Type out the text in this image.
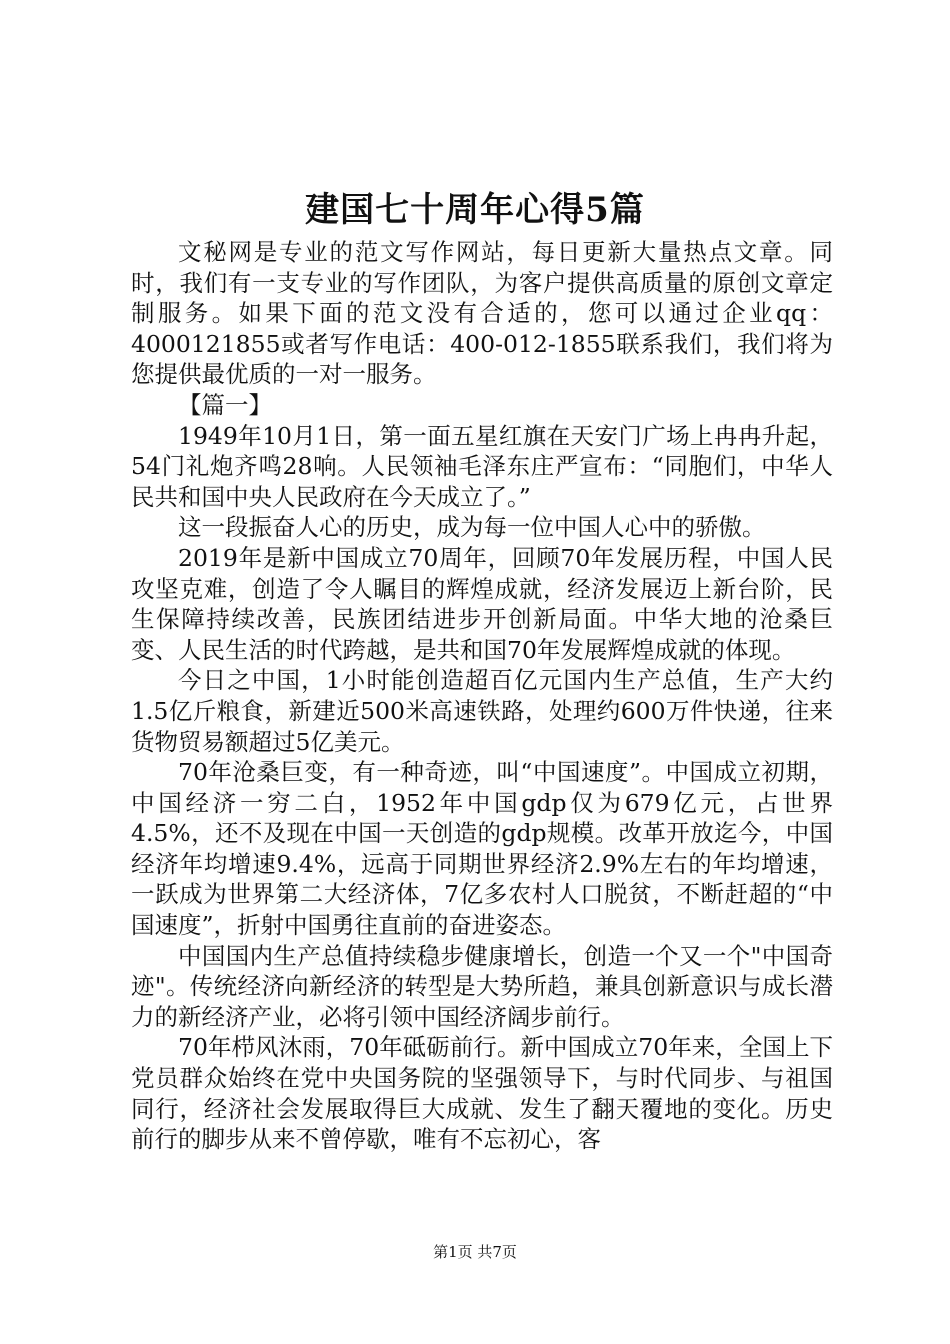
建国七十周年心得5篇

文秘网是专业的范文写作网站，每日更新大量热点文章。同时，我们有一支专业的写作团队，为客户提供高质量的原创文章定制服务。如果下面的范文没有合适的，您可以通过企业qq：4000121855或者写作电话：400-012-1855联系我们，我们将为您提供最优质的一对一服务。

【篇一】

1949年10月1日，第一面五星红旗在天安门广场上冉冉升起，54门礼炮齐鸣28响。人民领袖毛泽东庄严宣布：“同胞们，中华人民共和国中央人民政府在今天成立了。”

这一段振奋人心的历史，成为每一位中国人心中的骄傲。

2019年是新中国成立70周年，回顾70年发展历程，中国人民攻坚克难，创造了令人瞩目的辉煌成就，经济发展迈上新台阶，民生保障持续改善，民族团结进步开创新局面。中华大地的沧桑巨变、人民生活的时代跨越，是共和国70年发展辉煌成就的体现。

今日之中国，1小时能创造超百亿元国内生产总值，生产大约1.5亿斤粮食，新建近500米高速铁路，处理约600万件快递，往来货物贸易额超过5亿美元。

70年沧桑巨变，有一种奇迹，叫“中国速度”。中国成立初期，中国经济一穷二白，1952年中国gdp仅为679亿元，占世界4.5%，还不及现在中国一天创造的gdp规模。改革开放迄今，中国经济年均增速9.4%，远高于同期世界经济2.9%左右的年均增速，一跃成为世界第二大经济体，7亿多农村人口脱贫，不断赶超的“中国速度”，折射中国勇往直前的奋进姿态。

中国国内生产总值持续稳步健康增长，创造一个又一个"中国奇迹"。传统经济向新经济的转型是大势所趋，兼具创新意识与成长潜力的新经济产业，必将引领中国经济阔步前行。

70年栉风沐雨，70年砥砺前行。新中国成立70年来，全国上下党员群众始终在党中央国务院的坚强领导下，与时代同步、与祖国同行，经济社会发展取得巨大成就、发生了翻天覆地的变化。历史前行的脚步从来不曾停歇，唯有不忘初心，客

第1页 共7页
